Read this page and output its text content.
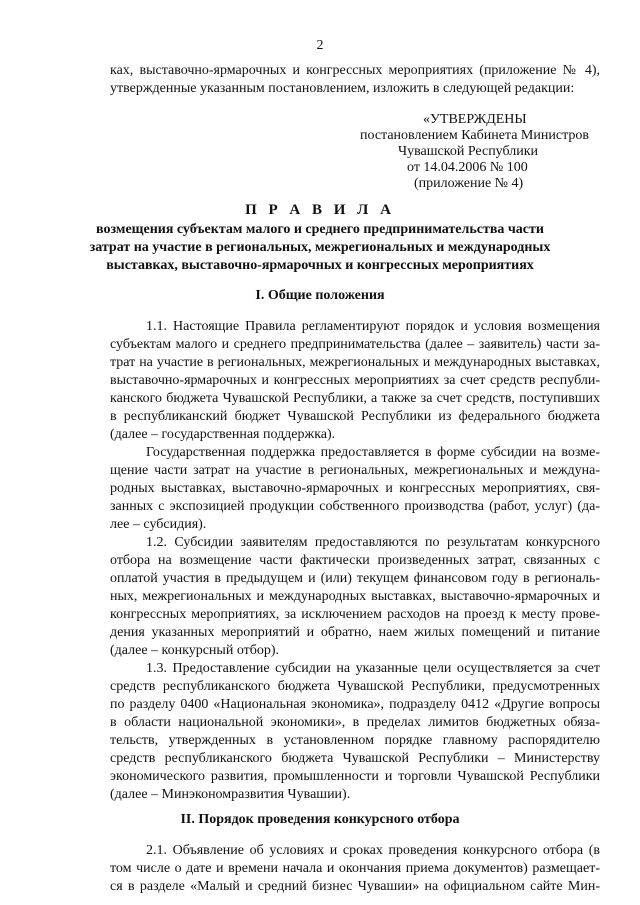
2
ках, выставочно-ярмарочных и конгрессных мероприятиях (приложение № 4),
утвержденные указанным постановлением, изложить в следующей редакции:
«УТВЕРЖДЕНЫ
постановлением Кабинета Министров
Чувашской Республики
от 14.04.2006 № 100
(приложение № 4)
П Р А В И Л А
возмещения субъектам малого и среднего предпринимательства части
затрат на участие в региональных, межрегиональных и международных
выставках, выставочно-ярмарочных и конгрессных мероприятиях
I. Общие положения
1.1. Настоящие Правила регламентируют порядок и условия возмещения
субъектам малого и среднего предпринимательства (далее – заявитель) части за-
трат на участие в региональных, межрегиональных и международных выставках,
выставочно-ярмарочных и конгрессных мероприятиях за счет средств республи-
канского бюджета Чувашской Республики, а также за счет средств, поступивших
в республиканский бюджет Чувашской Республики из федерального бюджета
(далее – государственная поддержка).
Государственная поддержка предоставляется в форме субсидии на возме-
щение части затрат на участие в региональных, межрегиональных и междуна-
родных выставках, выставочно-ярмарочных и конгрессных мероприятиях, свя-
занных с экспозицией продукции собственного производства (работ, услуг) (да-
лее – субсидия).
1.2. Субсидии заявителям предоставляются по результатам конкурсного
отбора на возмещение части фактически произведенных затрат, связанных с
оплатой участия в предыдущем и (или) текущем финансовом году в региональ-
ных, межрегиональных и международных выставках, выставочно-ярмарочных и
конгрессных мероприятиях, за исключением расходов на проезд к месту прове-
дения указанных мероприятий и обратно, наем жилых помещений и питание
(далее – конкурсный отбор).
1.3. Предоставление субсидии на указанные цели осуществляется за счет
средств республиканского бюджета Чувашской Республики, предусмотренных
по разделу 0400 «Национальная экономика», подразделу 0412 «Другие вопросы
в области национальной экономики», в пределах лимитов бюджетных обяза-
тельств, утвержденных в установленном порядке главному распорядителю
средств республиканского бюджета Чувашской Республики – Министерству
экономического развития, промышленности и торговли Чувашской Республики
(далее – Минэкономразвития Чувашии).
II. Порядок проведения конкурсного отбора
2.1. Объявление об условиях и сроках проведения конкурсного отбора (в
том числе о дате и времени начала и окончания приема документов) размещает-
ся в разделе «Малый и средний бизнес Чувашии» на официальном сайте Мин-
